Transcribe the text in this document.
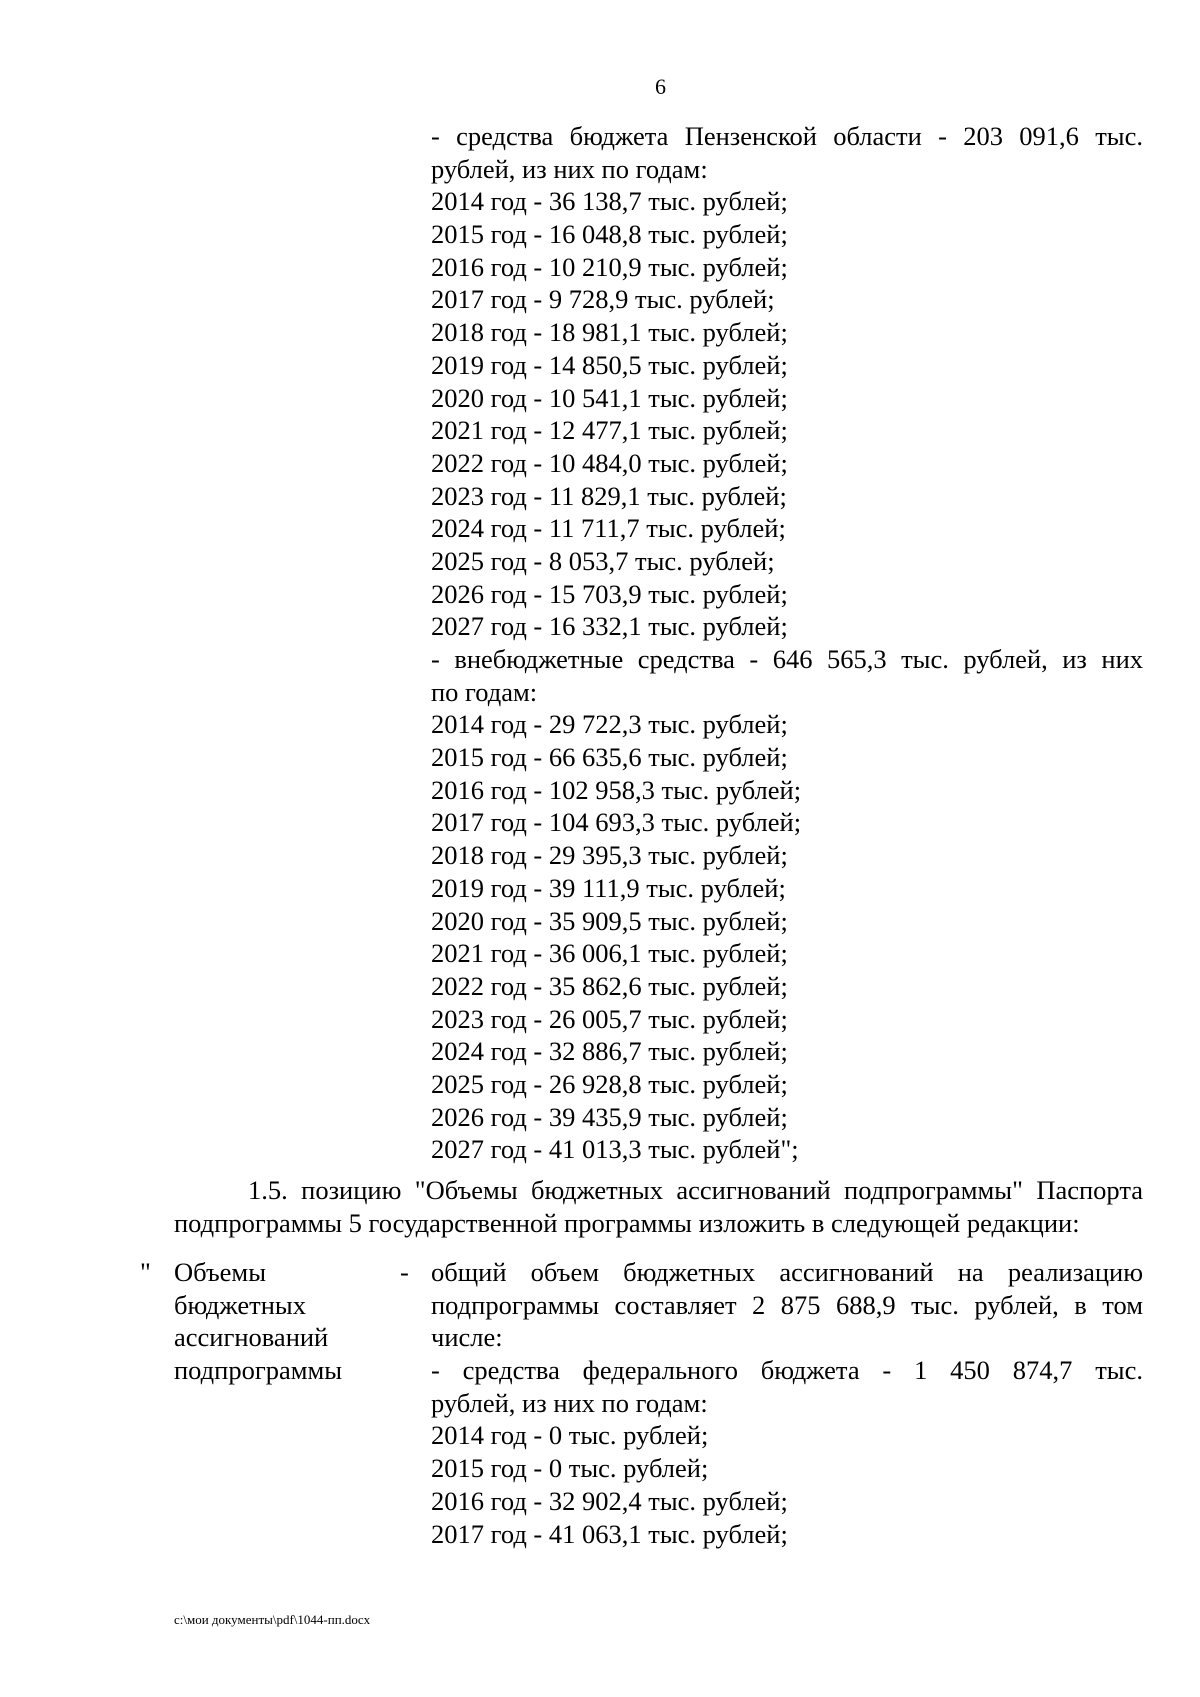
6
- средства бюджета Пензенской области - 203 091,6 тыс.
рублей, из них по годам:
2014 год - 36 138,7 тыс. рублей;
2015 год - 16 048,8 тыс. рублей;
2016 год - 10 210,9 тыс. рублей;
2017 год - 9 728,9 тыс. рублей;
2018 год - 18 981,1 тыс. рублей;
2019 год - 14 850,5 тыс. рублей;
2020 год - 10 541,1 тыс. рублей;
2021 год - 12 477,1 тыс. рублей;
2022 год - 10 484,0 тыс. рублей;
2023 год - 11 829,1 тыс. рублей;
2024 год - 11 711,7 тыс. рублей;
2025 год - 8 053,7 тыс. рублей;
2026 год - 15 703,9 тыс. рублей;
2027 год - 16 332,1 тыс. рублей;
- внебюджетные средства - 646 565,3 тыс. рублей, из них
по годам:
2014 год - 29 722,3 тыс. рублей;
2015 год - 66 635,6 тыс. рублей;
2016 год - 102 958,3 тыс. рублей;
2017 год - 104 693,3 тыс. рублей;
2018 год - 29 395,3 тыс. рублей;
2019 год - 39 111,9 тыс. рублей;
2020 год - 35 909,5 тыс. рублей;
2021 год - 36 006,1 тыс. рублей;
2022 год - 35 862,6 тыс. рублей;
2023 год - 26 005,7 тыс. рублей;
2024 год - 32 886,7 тыс. рублей;
2025 год - 26 928,8 тыс. рублей;
2026 год - 39 435,9 тыс. рублей;
2027 год - 41 013,3 тыс. рублей";
1.5. позицию "Объемы бюджетных ассигнований подпрограммы" Паспорта
подпрограммы 5 государственной программы изложить в следующей редакции:
" Объемы
бюджетных
ассигнований
подпрограммы
- общий объем бюджетных ассигнований на реализацию
подпрограммы составляет 2 875 688,9 тыс. рублей, в том
числе:
- средства федерального бюджета - 1 450 874,7 тыс.
рублей, из них по годам:
2014 год - 0 тыс. рублей;
2015 год - 0 тыс. рублей;
2016 год - 32 902,4 тыс. рублей;
2017 год - 41 063,1 тыс. рублей;
c:\мои документы\pdf\1044-пп.docx
